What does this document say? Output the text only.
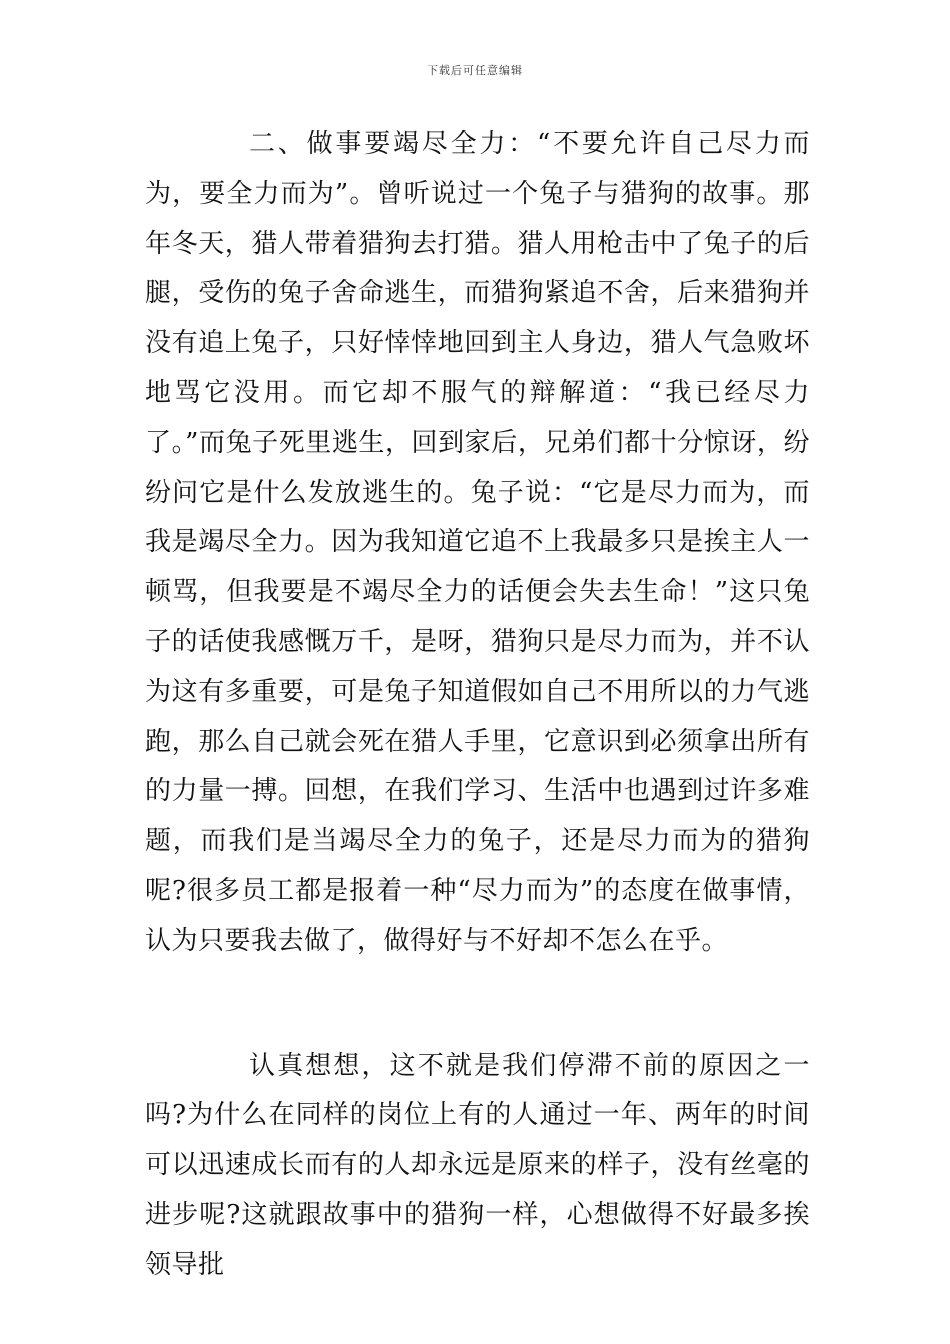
下载后可任意编辑

二、做事要竭尽全力：“不要允许自己尽力而为，要全力而为”。曾听说过一个兔子与猎狗的故事。那年冬天，猎人带着猎狗去打猎。猎人用枪击中了兔子的后腿，受伤的兔子舍命逃生，而猎狗紧追不舍，后来猎狗并没有追上兔子，只好悻悻地回到主人身边，猎人气急败坏地骂它没用。而它却不服气的辩解道：“我已经尽力了。”而兔子死里逃生，回到家后，兄弟们都十分惊讶，纷纷问它是什么发放逃生的。兔子说：“它是尽力而为，而我是竭尽全力。因为我知道它追不上我最多只是挨主人一顿骂，但我要是不竭尽全力的话便会失去生命！”这只兔子的话使我感慨万千，是呀，猎狗只是尽力而为，并不认为这有多重要，可是兔子知道假如自己不用所以的力气逃跑，那么自己就会死在猎人手里，它意识到必须拿出所有的力量一搏。回想，在我们学习、生活中也遇到过许多难题，而我们是当竭尽全力的兔子，还是尽力而为的猎狗呢?很多员工都是报着一种“尽力而为”的态度在做事情，认为只要我去做了，做得好与不好却不怎么在乎。

认真想想，这不就是我们停滞不前的原因之一吗?为什么在同样的岗位上有的人通过一年、两年的时间可以迅速成长而有的人却永远是原来的样子，没有丝毫的进步呢?这就跟故事中的猎狗一样，心想做得不好最多挨领导批
